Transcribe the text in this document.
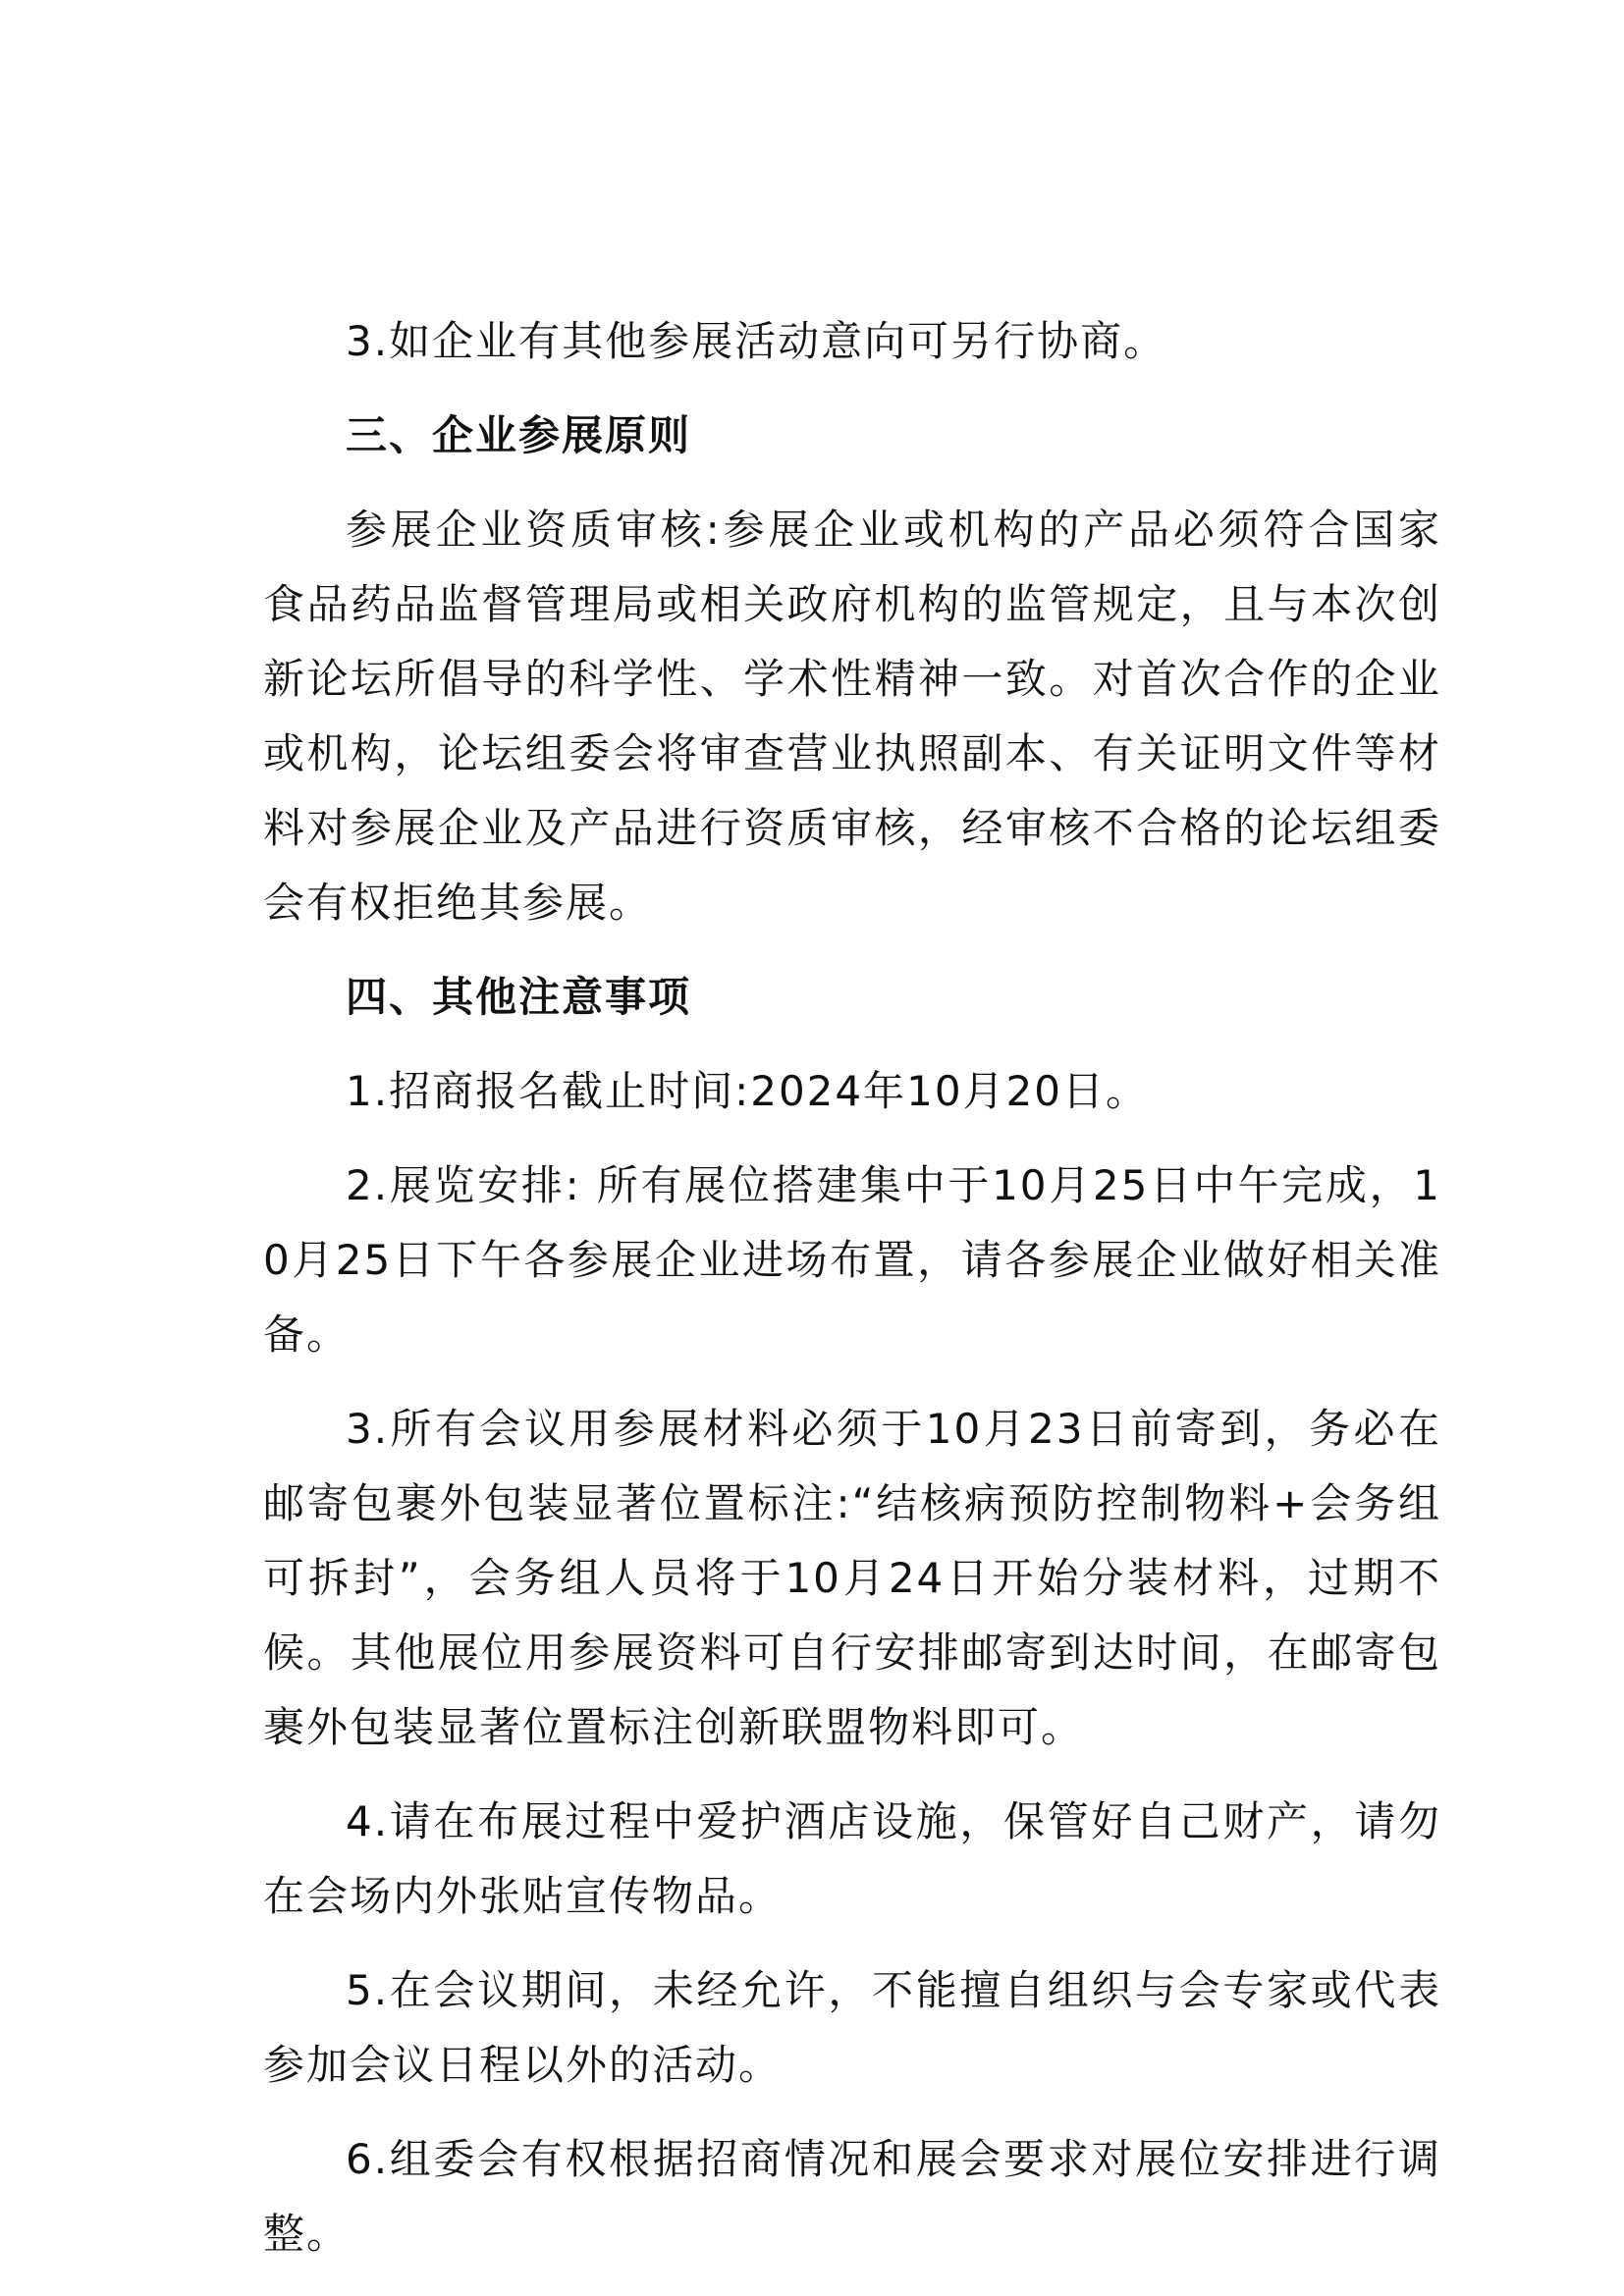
3.如企业有其他参展活动意向可另行协商。

三、企业参展原则

参展企业资质审核:参展企业或机构的产品必须符合国家食品药品监督管理局或相关政府机构的监管规定，且与本次创新论坛所倡导的科学性、学术性精神一致。对首次合作的企业或机构，论坛组委会将审查营业执照副本、有关证明文件等材料对参展企业及产品进行资质审核，经审核不合格的论坛组委会有权拒绝其参展。

四、其他注意事项

1.招商报名截止时间:2024年10月20日。

2.展览安排: 所有展位搭建集中于10月25日中午完成，10月25日下午各参展企业进场布置，请各参展企业做好相关准备。

3.所有会议用参展材料必须于10月23日前寄到，务必在邮寄包裹外包装显著位置标注:“结核病预防控制物料+会务组可拆封”，会务组人员将于10月24日开始分装材料，过期不候。其他展位用参展资料可自行安排邮寄到达时间，在邮寄包裹外包装显著位置标注创新联盟物料即可。

4.请在布展过程中爱护酒店设施，保管好自己财产，请勿在会场内外张贴宣传物品。

5.在会议期间，未经允许，不能擅自组织与会专家或代表参加会议日程以外的活动。

6.组委会有权根据招商情况和展会要求对展位安排进行调整。
